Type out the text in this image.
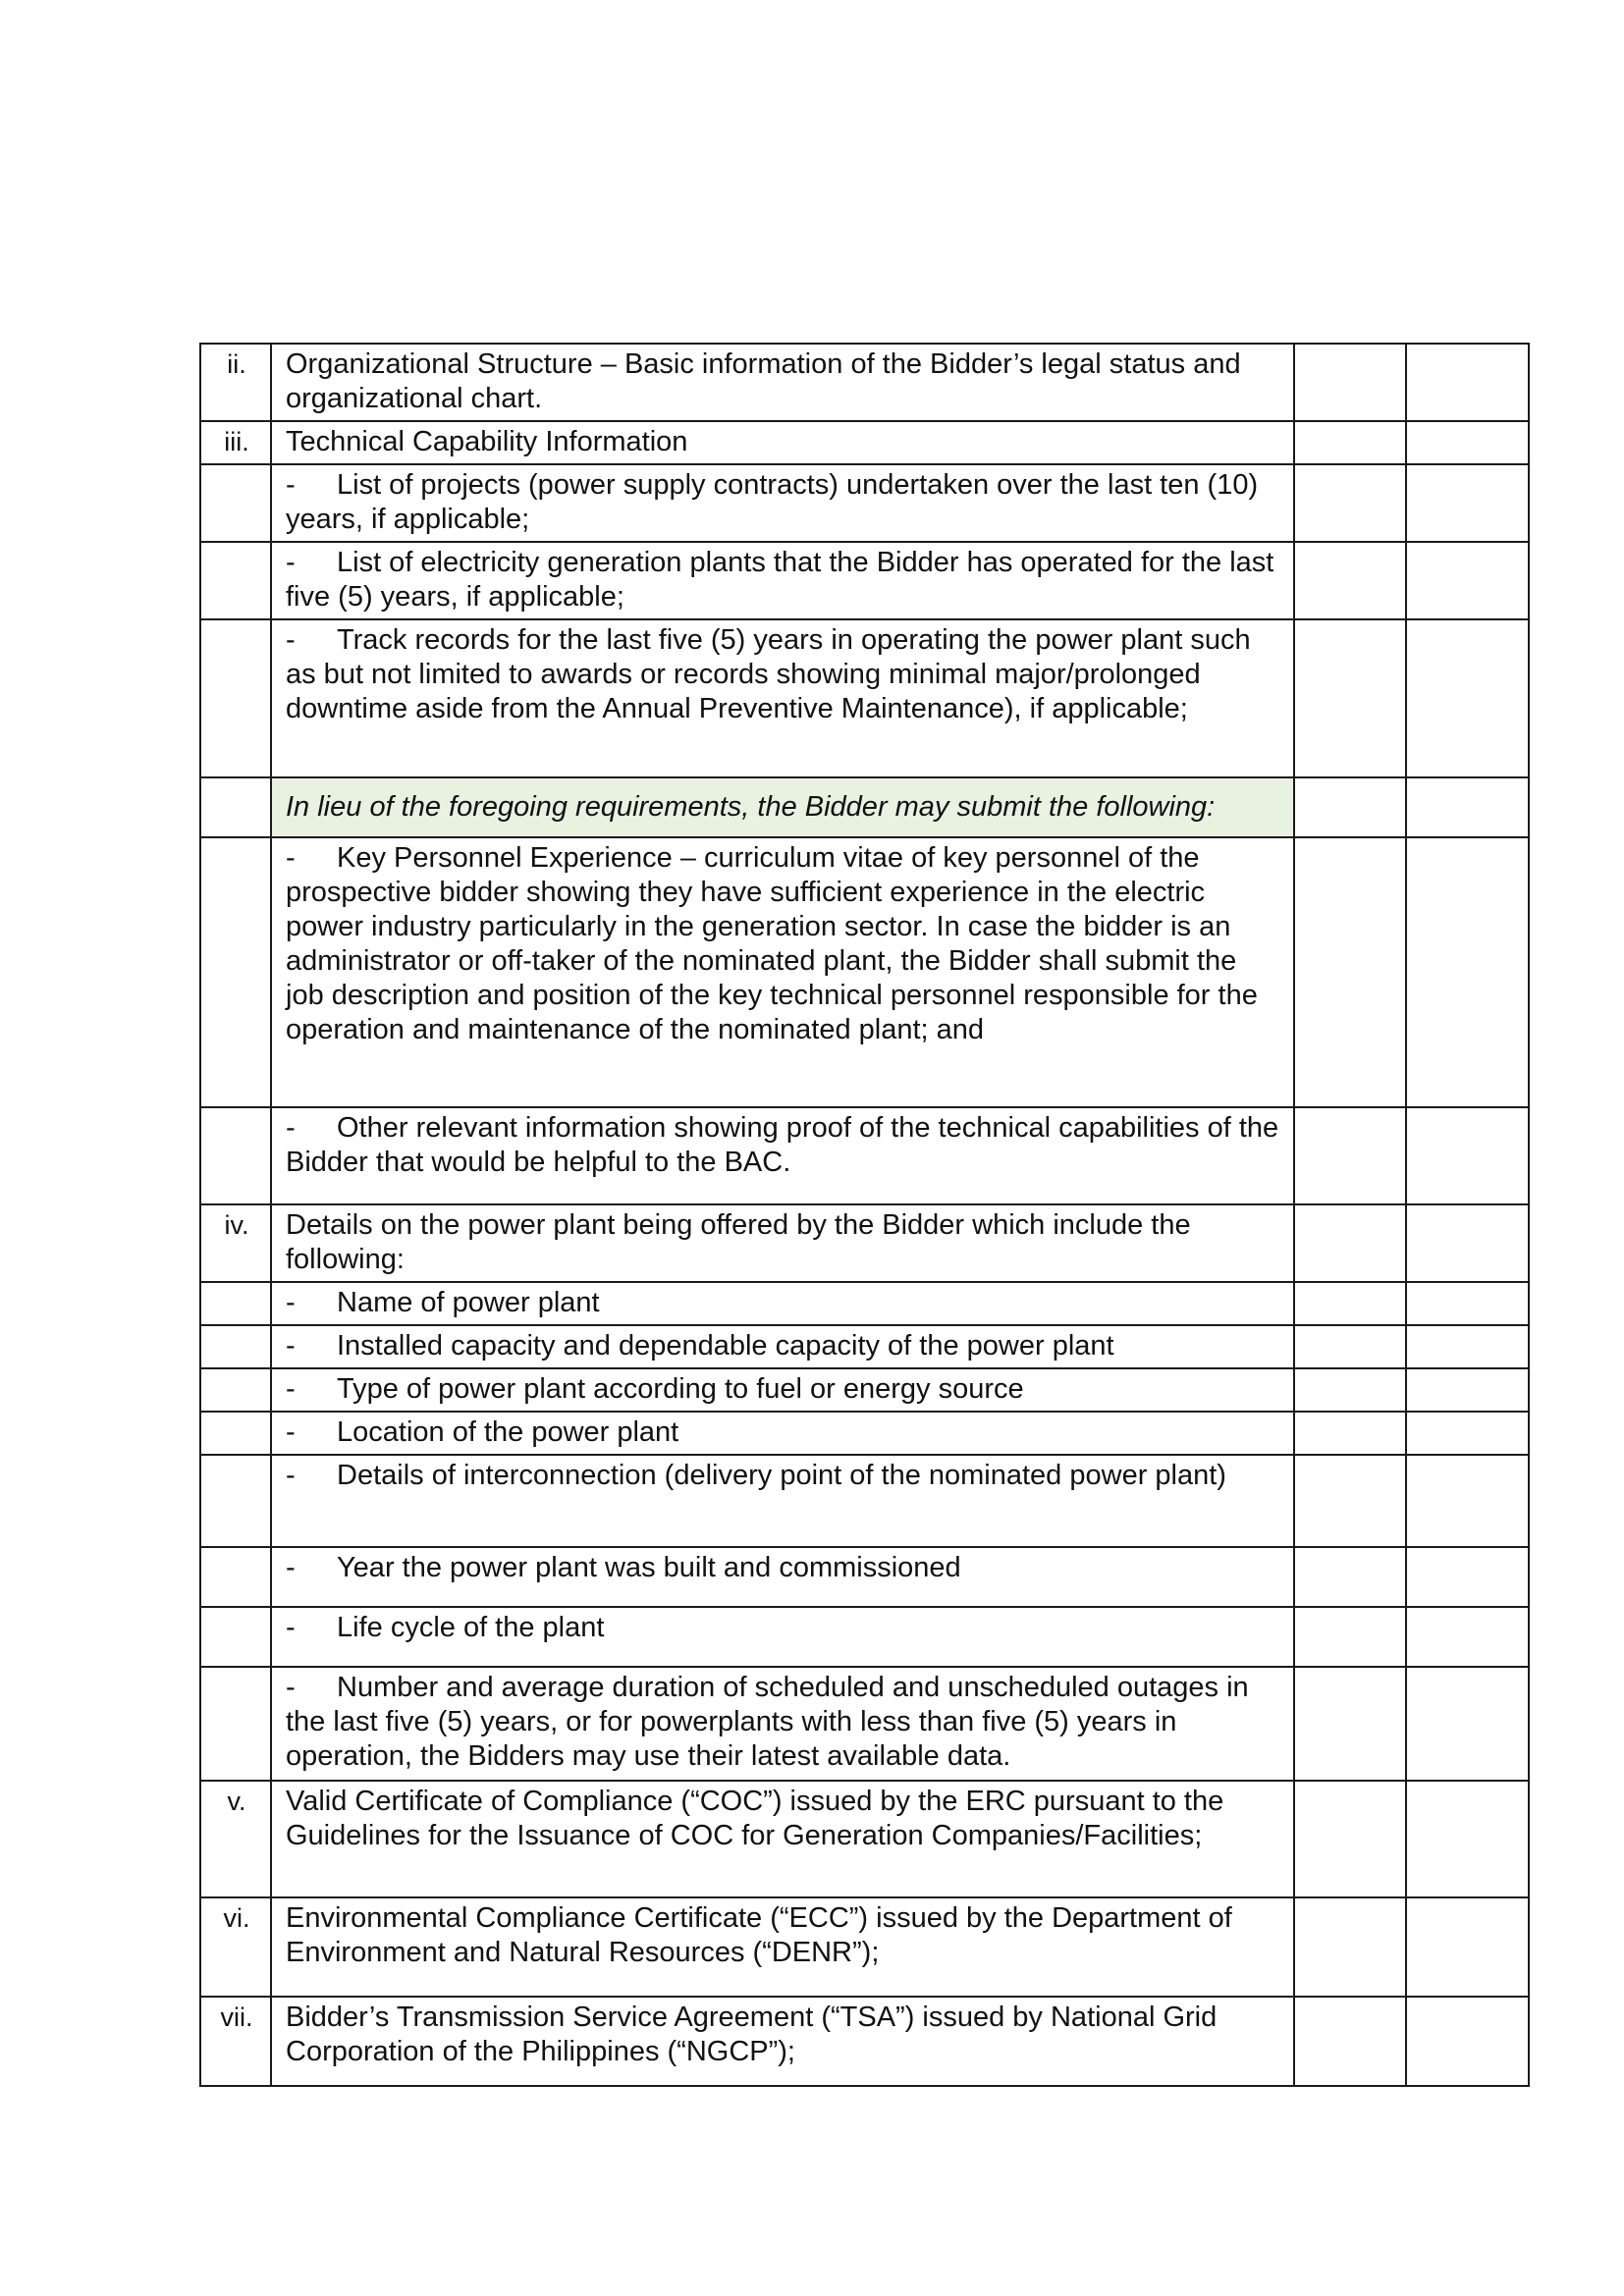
ii.	Organizational Structure – Basic information of the Bidder’s legal status and organizational chart.		
iii.	Technical Capability Information		
	- List of projects (power supply contracts) undertaken over the last ten (10) years, if applicable;		
	- List of electricity generation plants that the Bidder has operated for the last five (5) years, if applicable;		
	- Track records for the last five (5) years in operating the power plant such as but not limited to awards or records showing minimal major/prolonged downtime aside from the Annual Preventive Maintenance), if applicable;		
	In lieu of the foregoing requirements, the Bidder may submit the following:		
	- Key Personnel Experience – curriculum vitae of key personnel of the prospective bidder showing they have sufficient experience in the electric power industry particularly in the generation sector. In case the bidder is an administrator or off-taker of the nominated plant, the Bidder shall submit the job description and position of the key technical personnel responsible for the operation and maintenance of the nominated plant; and		
	- Other relevant information showing proof of the technical capabilities of the Bidder that would be helpful to the BAC.		
iv.	Details on the power plant being offered by the Bidder which include the following:		
	- Name of power plant		
	- Installed capacity and dependable capacity of the power plant		
	- Type of power plant according to fuel or energy source		
	- Location of the power plant		
	- Details of interconnection (delivery point of the nominated power plant)		
	- Year the power plant was built and commissioned		
	- Life cycle of the plant		
	- Number and average duration of scheduled and unscheduled outages in the last five (5) years, or for powerplants with less than five (5) years in operation, the Bidders may use their latest available data.		
v.	Valid Certificate of Compliance (“COC”) issued by the ERC pursuant to the Guidelines for the Issuance of COC for Generation Companies/Facilities;		
vi.	Environmental Compliance Certificate (“ECC”) issued by the Department of Environment and Natural Resources (“DENR”);		
vii.	Bidder’s Transmission Service Agreement (“TSA”) issued by National Grid Corporation of the Philippines (“NGCP”);		
